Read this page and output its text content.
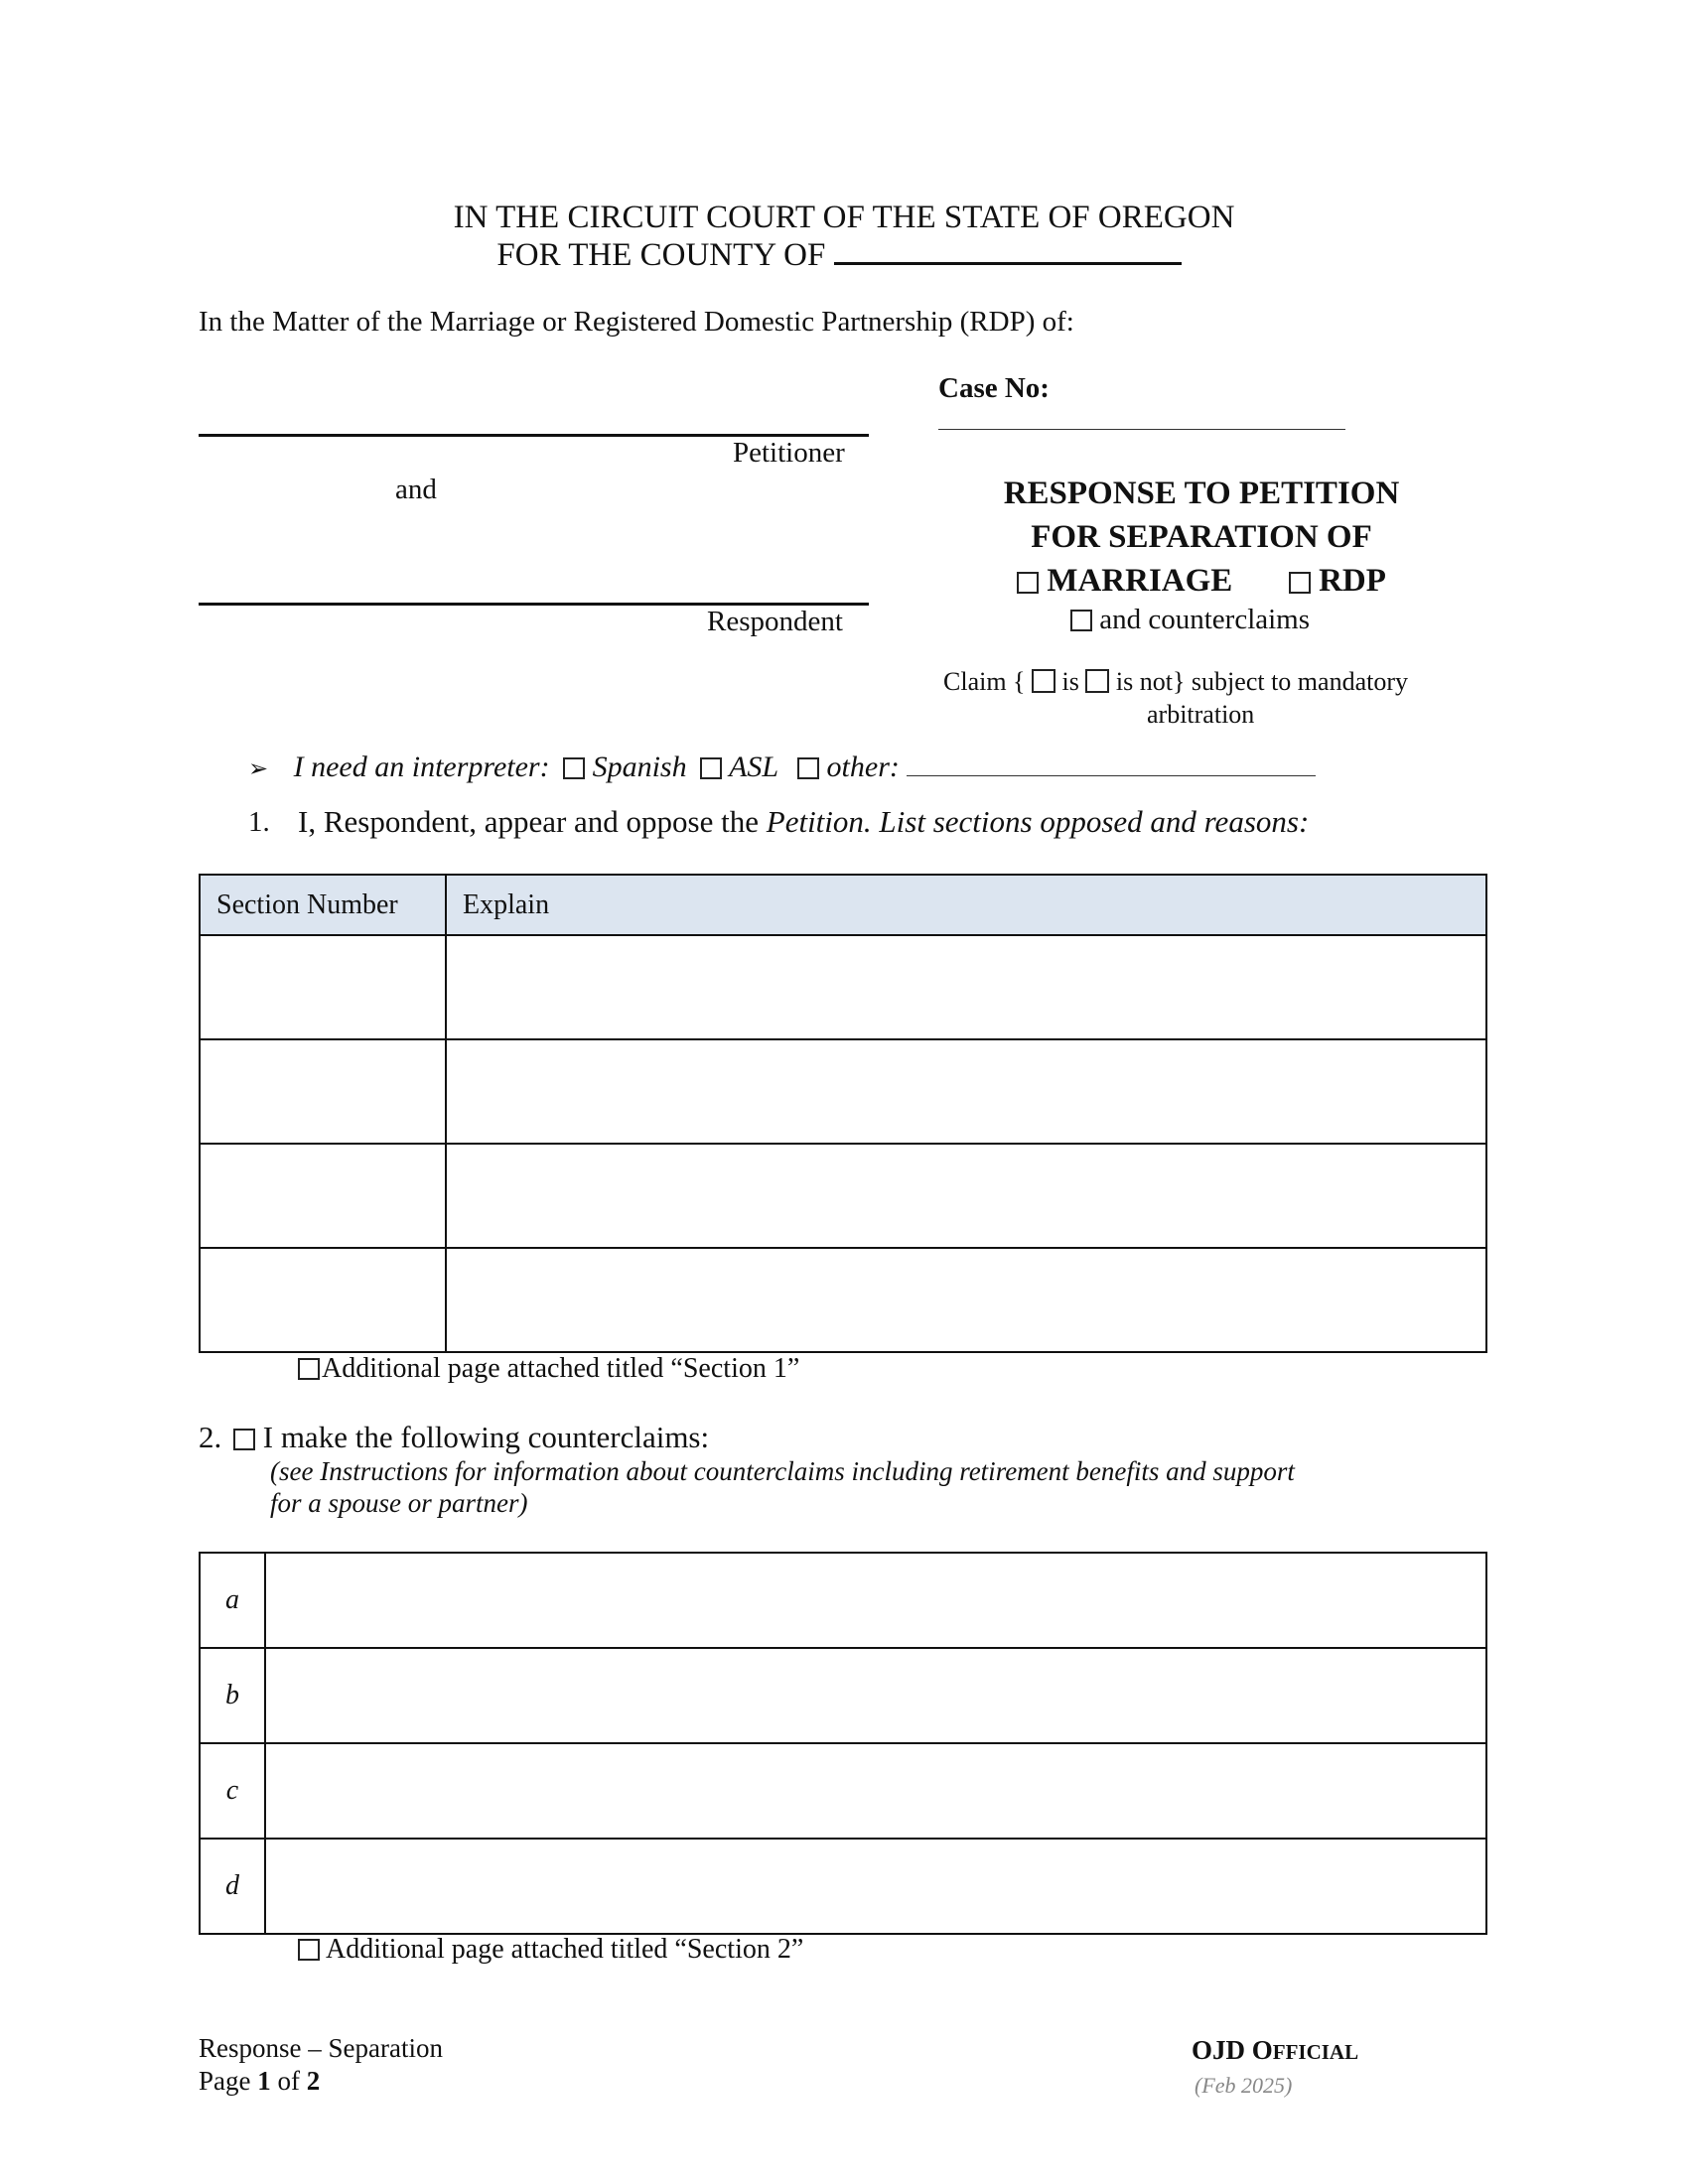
IN THE CIRCUIT COURT OF THE STATE OF OREGON
FOR THE COUNTY OF
In the Matter of the Marriage or Registered Domestic Partnership (RDP) of:
Case No:
Petitioner
and
Respondent
RESPONSE TO PETITION
FOR SEPARATION OF
MARRIAGE	RDP
and counterclaims
Claim { is is not} subject to mandatory
arbitration
➢ I need an interpreter: Spanish ASL other:
1. I, Respondent, appear and oppose the Petition. List sections opposed and reasons:
Section Number	Explain

Additional page attached titled “Section 1”
2. I make the following counterclaims:
(see Instructions for information about counterclaims including retirement benefits and support
for a spouse or partner)
a	
b	
c	
d	
Additional page attached titled “Section 2”
Response – Separation
Page 1 of 2
OJD OFFICIAL
(Feb 2025)
